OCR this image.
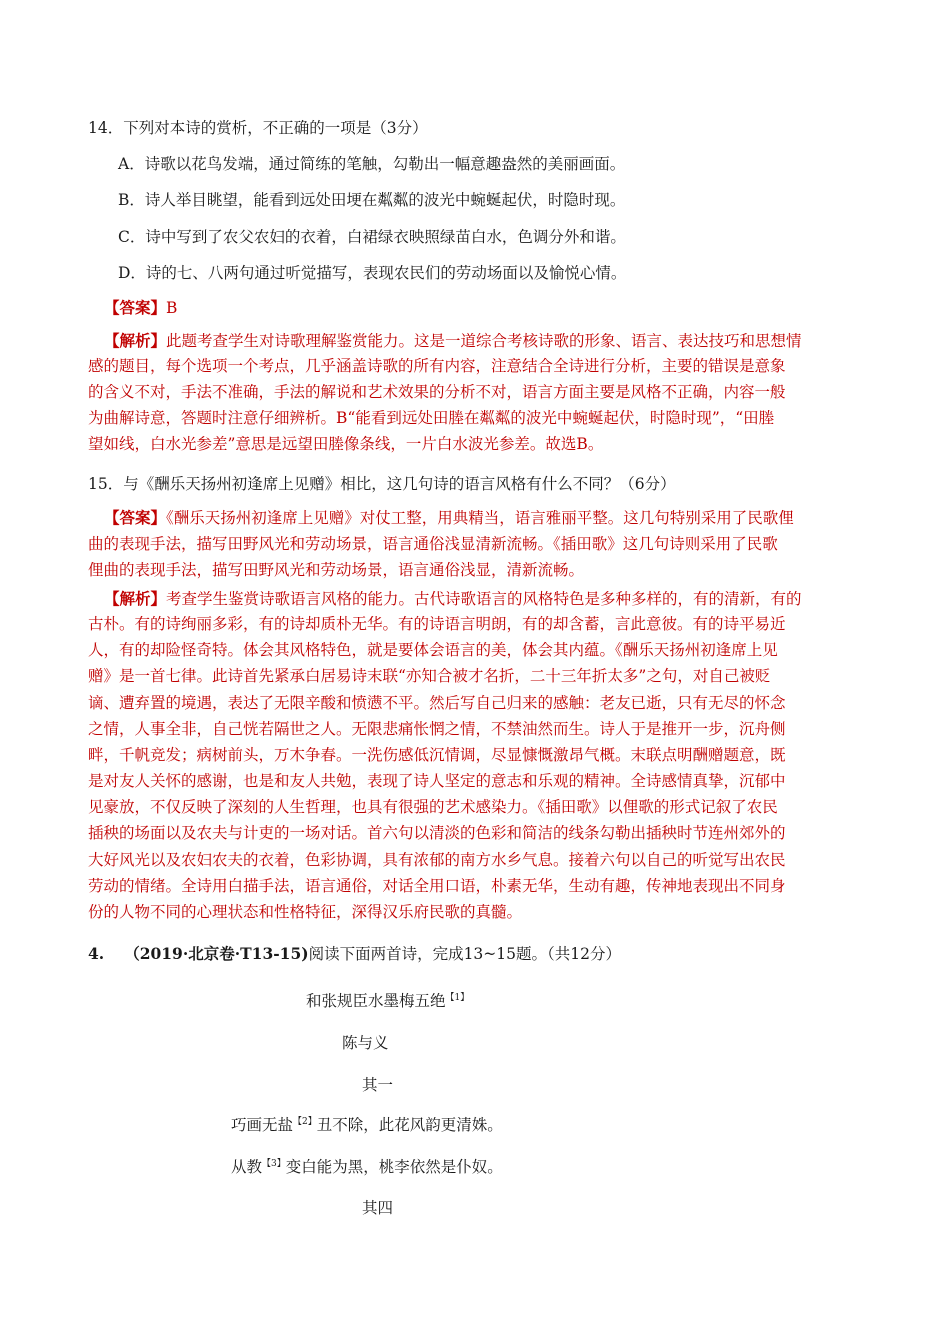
14．下列对本诗的赏析，不正确的一项是（3分）
A．诗歌以花鸟发端，通过简练的笔触，勾勒出一幅意趣盎然的美丽画面。
B．诗人举目眺望，能看到远处田埂在粼粼的波光中蜿蜒起伏，时隐时现。
C．诗中写到了农父农妇的衣着，白裙绿衣映照绿苗白水，色调分外和谐。
D．诗的七、八两句通过听觉描写，表现农民们的劳动场面以及愉悦心情。
【答案】B
【解析】此题考查学生对诗歌理解鉴赏能力。这是一道综合考核诗歌的形象、语言、表达技巧和思想情
感的题目，每个选项一个考点，几乎涵盖诗歌的所有内容，注意结合全诗进行分析，主要的错误是意象
的含义不对，手法不准确，手法的解说和艺术效果的分析不对，语言方面主要是风格不正确，内容一般
为曲解诗意，答题时注意仔细辨析。B“能看到远处田塍在粼粼的波光中蜿蜒起伏，时隐时现”，“田塍
望如线，白水光参差”意思是远望田塍像条线，一片白水波光参差。故选B。
15．与《酬乐天扬州初逢席上见赠》相比，这几句诗的语言风格有什么不同？（6分）
【答案】《酬乐天扬州初逢席上见赠》对仗工整，用典精当，语言雅丽平整。这几句特别采用了民歌俚
曲的表现手法，描写田野风光和劳动场景，语言通俗浅显清新流畅。《插田歌》这几句诗则采用了民歌
俚曲的表现手法，描写田野风光和劳动场景，语言通俗浅显，清新流畅。
【解析】考查学生鉴赏诗歌语言风格的能力。古代诗歌语言的风格特色是多种多样的，有的清新，有的
古朴。有的诗绚丽多彩，有的诗却质朴无华。有的诗语言明朗，有的却含蓄，言此意彼。有的诗平易近
人，有的却险怪奇特。体会其风格特色，就是要体会语言的美，体会其内蕴。《酬乐天扬州初逢席上见
赠》是一首七律。此诗首先紧承白居易诗末联“亦知合被才名折，二十三年折太多”之句，对自己被贬
谪、遭弃置的境遇，表达了无限辛酸和愤懑不平。然后写自己归来的感触：老友已逝，只有无尽的怀念
之情，人事全非，自己恍若隔世之人。无限悲痛怅惘之情，不禁油然而生。诗人于是推开一步，沉舟侧
畔，千帆竞发；病树前头，万木争春。一洗伤感低沉情调，尽显慷慨激昂气概。末联点明酬赠题意，既
是对友人关怀的感谢，也是和友人共勉，表现了诗人坚定的意志和乐观的精神。全诗感情真挚，沉郁中
见豪放，不仅反映了深刻的人生哲理，也具有很强的艺术感染力。《插田歌》以俚歌的形式记叙了农民
插秧的场面以及农夫与计吏的一场对话。首六句以清淡的色彩和简洁的线条勾勒出插秧时节连州郊外的
大好风光以及农妇农夫的衣着，色彩协调，具有浓郁的南方水乡气息。接着六句以自己的听觉写出农民
劳动的情绪。全诗用白描手法，语言通俗，对话全用口语，朴素无华，生动有趣，传神地表现出不同身
份的人物不同的心理状态和性格特征，深得汉乐府民歌的真髓。
4. （2019·北京卷·T13-15)阅读下面两首诗，完成13~15题。（共12分）
和张规臣水墨梅五绝$^{【1】}$
陈与义
其一
巧画无盐$^{【2】}$丑不除，此花风韵更清姝。
从教$^{【3】}$变白能为黑，桃李依然是仆奴。
其四
